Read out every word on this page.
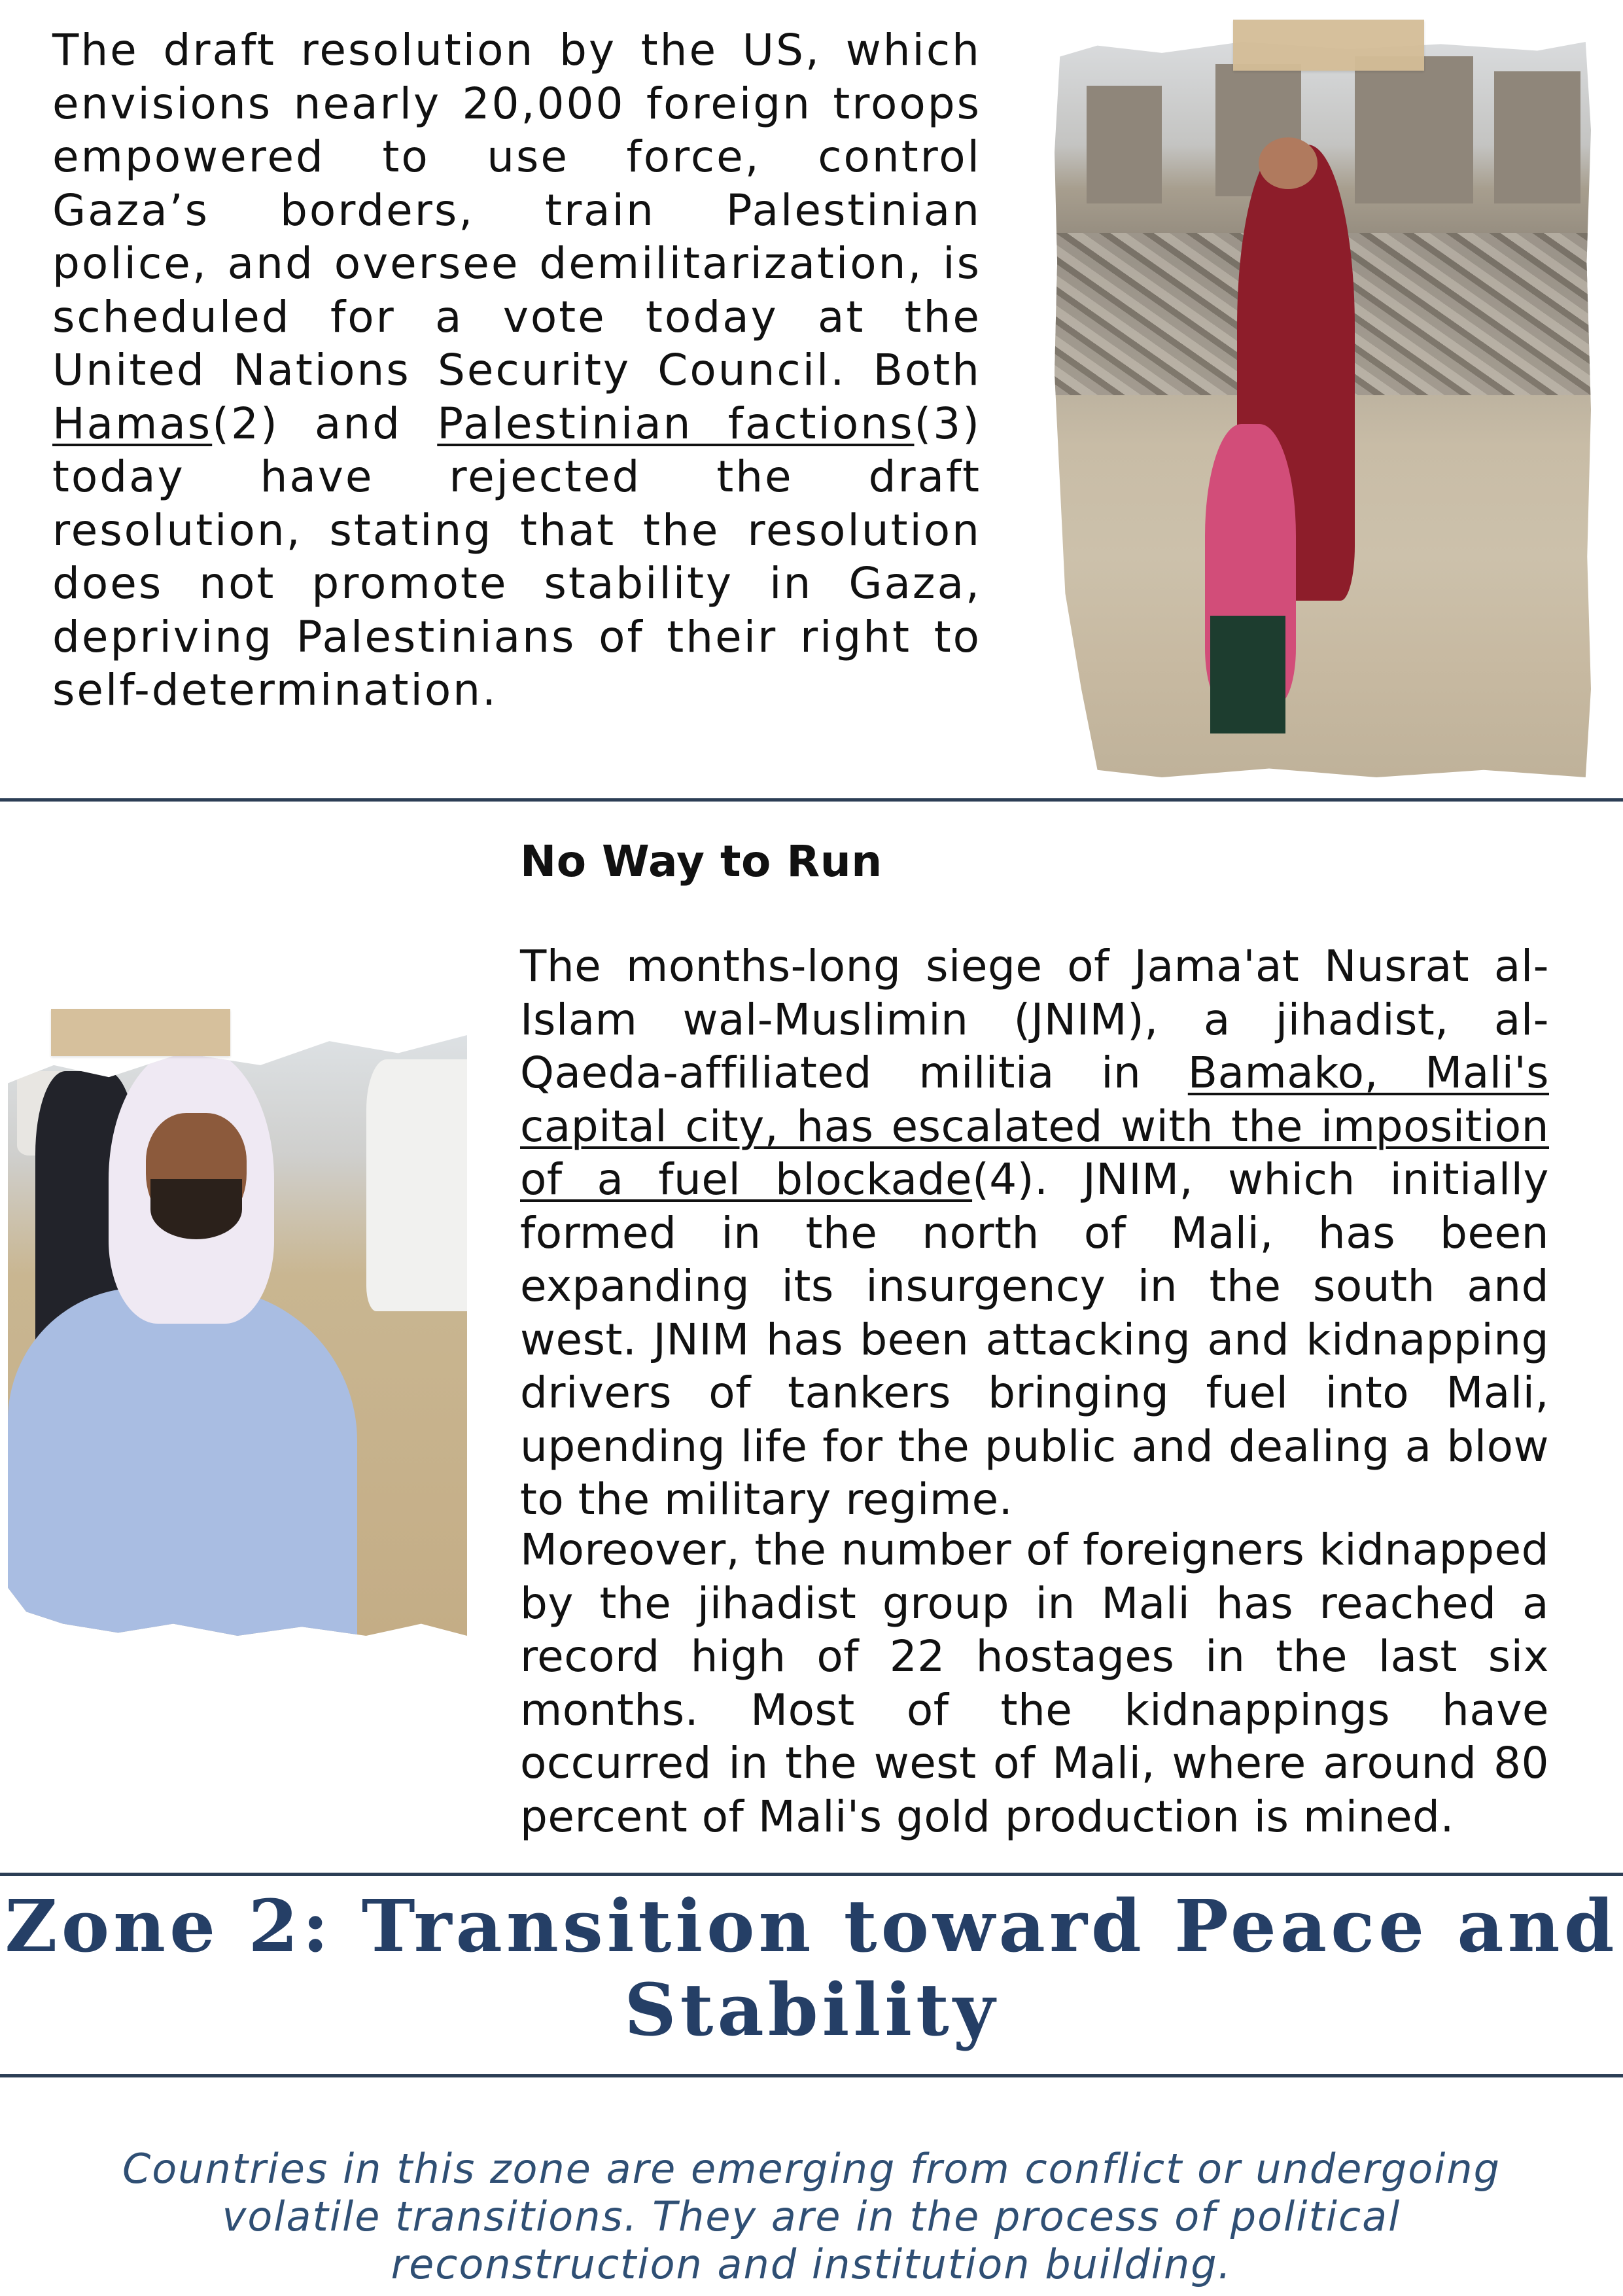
The draft resolution by the US, which envisions nearly 20,000 foreign troops empowered to use force, control Gaza’s borders, train Palestinian police, and oversee demilitarization, is scheduled for a vote today at the United Nations Security Council. Both Hamas(2) and Palestinian factions(3) today have rejected the draft resolution, stating that the resolution does not promote stability in Gaza, depriving Palestinians of their right to self-determination.

No Way to Run

The months-long siege of Jama'at Nusrat al-Islam wal-Muslimin (JNIM), a jihadist, al-Qaeda-affiliated militia in Bamako, Mali's capital city, has escalated with the imposition of a fuel blockade(4). JNIM, which initially formed in the north of Mali, has been expanding its insurgency in the south and west. JNIM has been attacking and kidnapping drivers of tankers bringing fuel into Mali, upending life for the public and dealing a blow to the military regime.

Moreover, the number of foreigners kidnapped by the jihadist group in Mali has reached a record high of 22 hostages in the last six months. Most of the kidnappings have occurred in the west of Mali, where around 80 percent of Mali's gold production is mined.

Zone 2: Transition toward Peace and
Stability

Countries in this zone are emerging from conflict or undergoing
volatile transitions. They are in the process of political
reconstruction and institution building.
